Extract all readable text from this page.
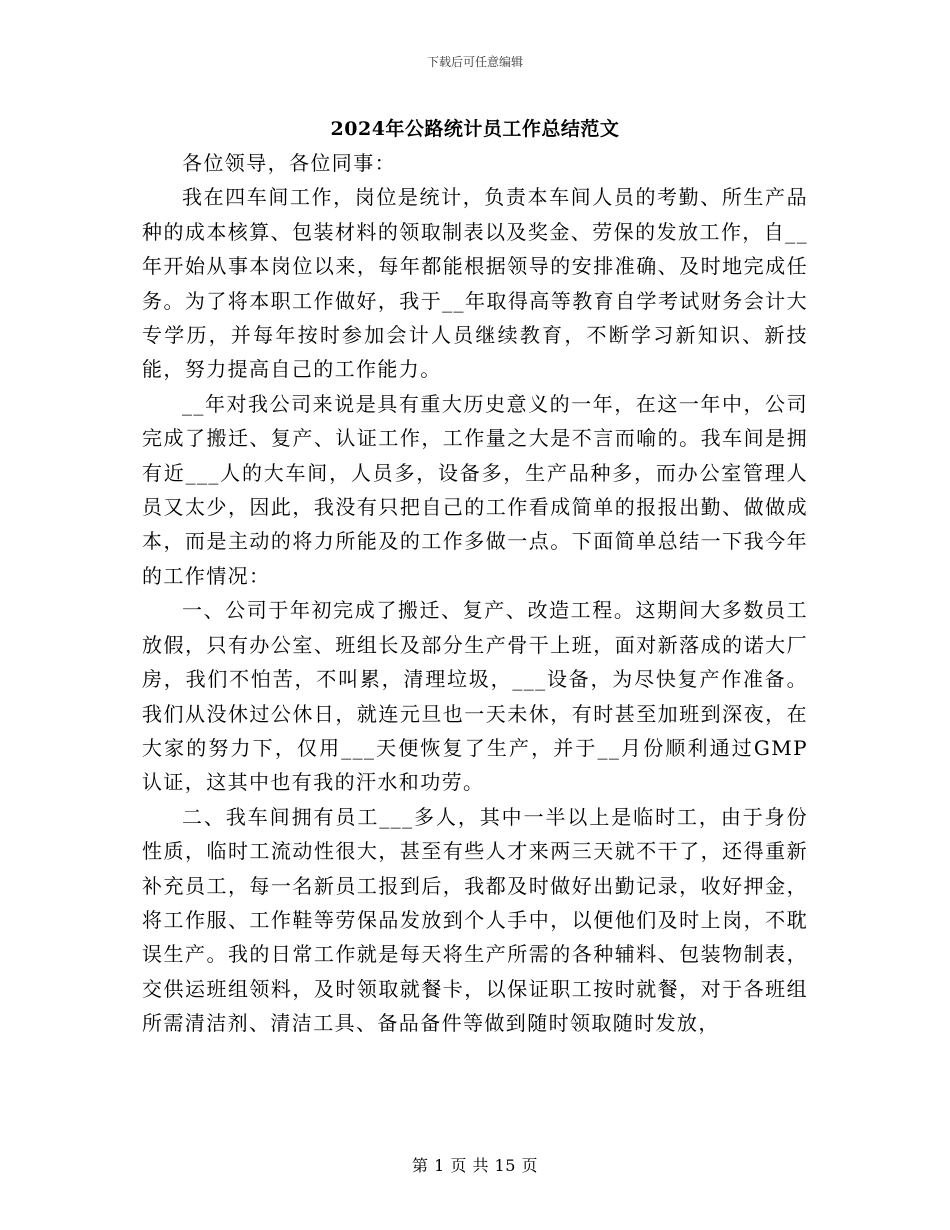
下载后可任意编辑
2024年公路统计员工作总结范文

各位领导，各位同事：

我在四车间工作，岗位是统计，负责本车间人员的考勤、所生产品种的成本核算、包装材料的领取制表以及奖金、劳保的发放工作，自__年开始从事本岗位以来，每年都能根据领导的安排准确、及时地完成任务。为了将本职工作做好，我于__年取得高等教育自学考试财务会计大专学历，并每年按时参加会计人员继续教育，不断学习新知识、新技能，努力提高自己的工作能力。

__年对我公司来说是具有重大历史意义的一年，在这一年中，公司完成了搬迁、复产、认证工作，工作量之大是不言而喻的。我车间是拥有近___人的大车间，人员多，设备多，生产品种多，而办公室管理人员又太少，因此，我没有只把自己的工作看成简单的报报出勤、做做成本，而是主动的将力所能及的工作多做一点。下面简单总结一下我今年的工作情况：

一、公司于年初完成了搬迁、复产、改造工程。这期间大多数员工放假，只有办公室、班组长及部分生产骨干上班，面对新落成的诺大厂房，我们不怕苦，不叫累，清理垃圾，___设备，为尽快复产作准备。我们从没休过公休日，就连元旦也一天未休，有时甚至加班到深夜，在大家的努力下，仅用___天便恢复了生产，并于__月份顺利通过GMP认证，这其中也有我的汗水和功劳。

二、我车间拥有员工___多人，其中一半以上是临时工，由于身份性质，临时工流动性很大，甚至有些人才来两三天就不干了，还得重新补充员工，每一名新员工报到后，我都及时做好出勤记录，收好押金，将工作服、工作鞋等劳保品发放到个人手中，以便他们及时上岗，不耽误生产。我的日常工作就是每天将生产所需的各种辅料、包装物制表，交供运班组领料，及时领取就餐卡，以保证职工按时就餐，对于各班组所需清洁剂、清洁工具、备品备件等做到随时领取随时发放，

第 1 页 共 15 页
